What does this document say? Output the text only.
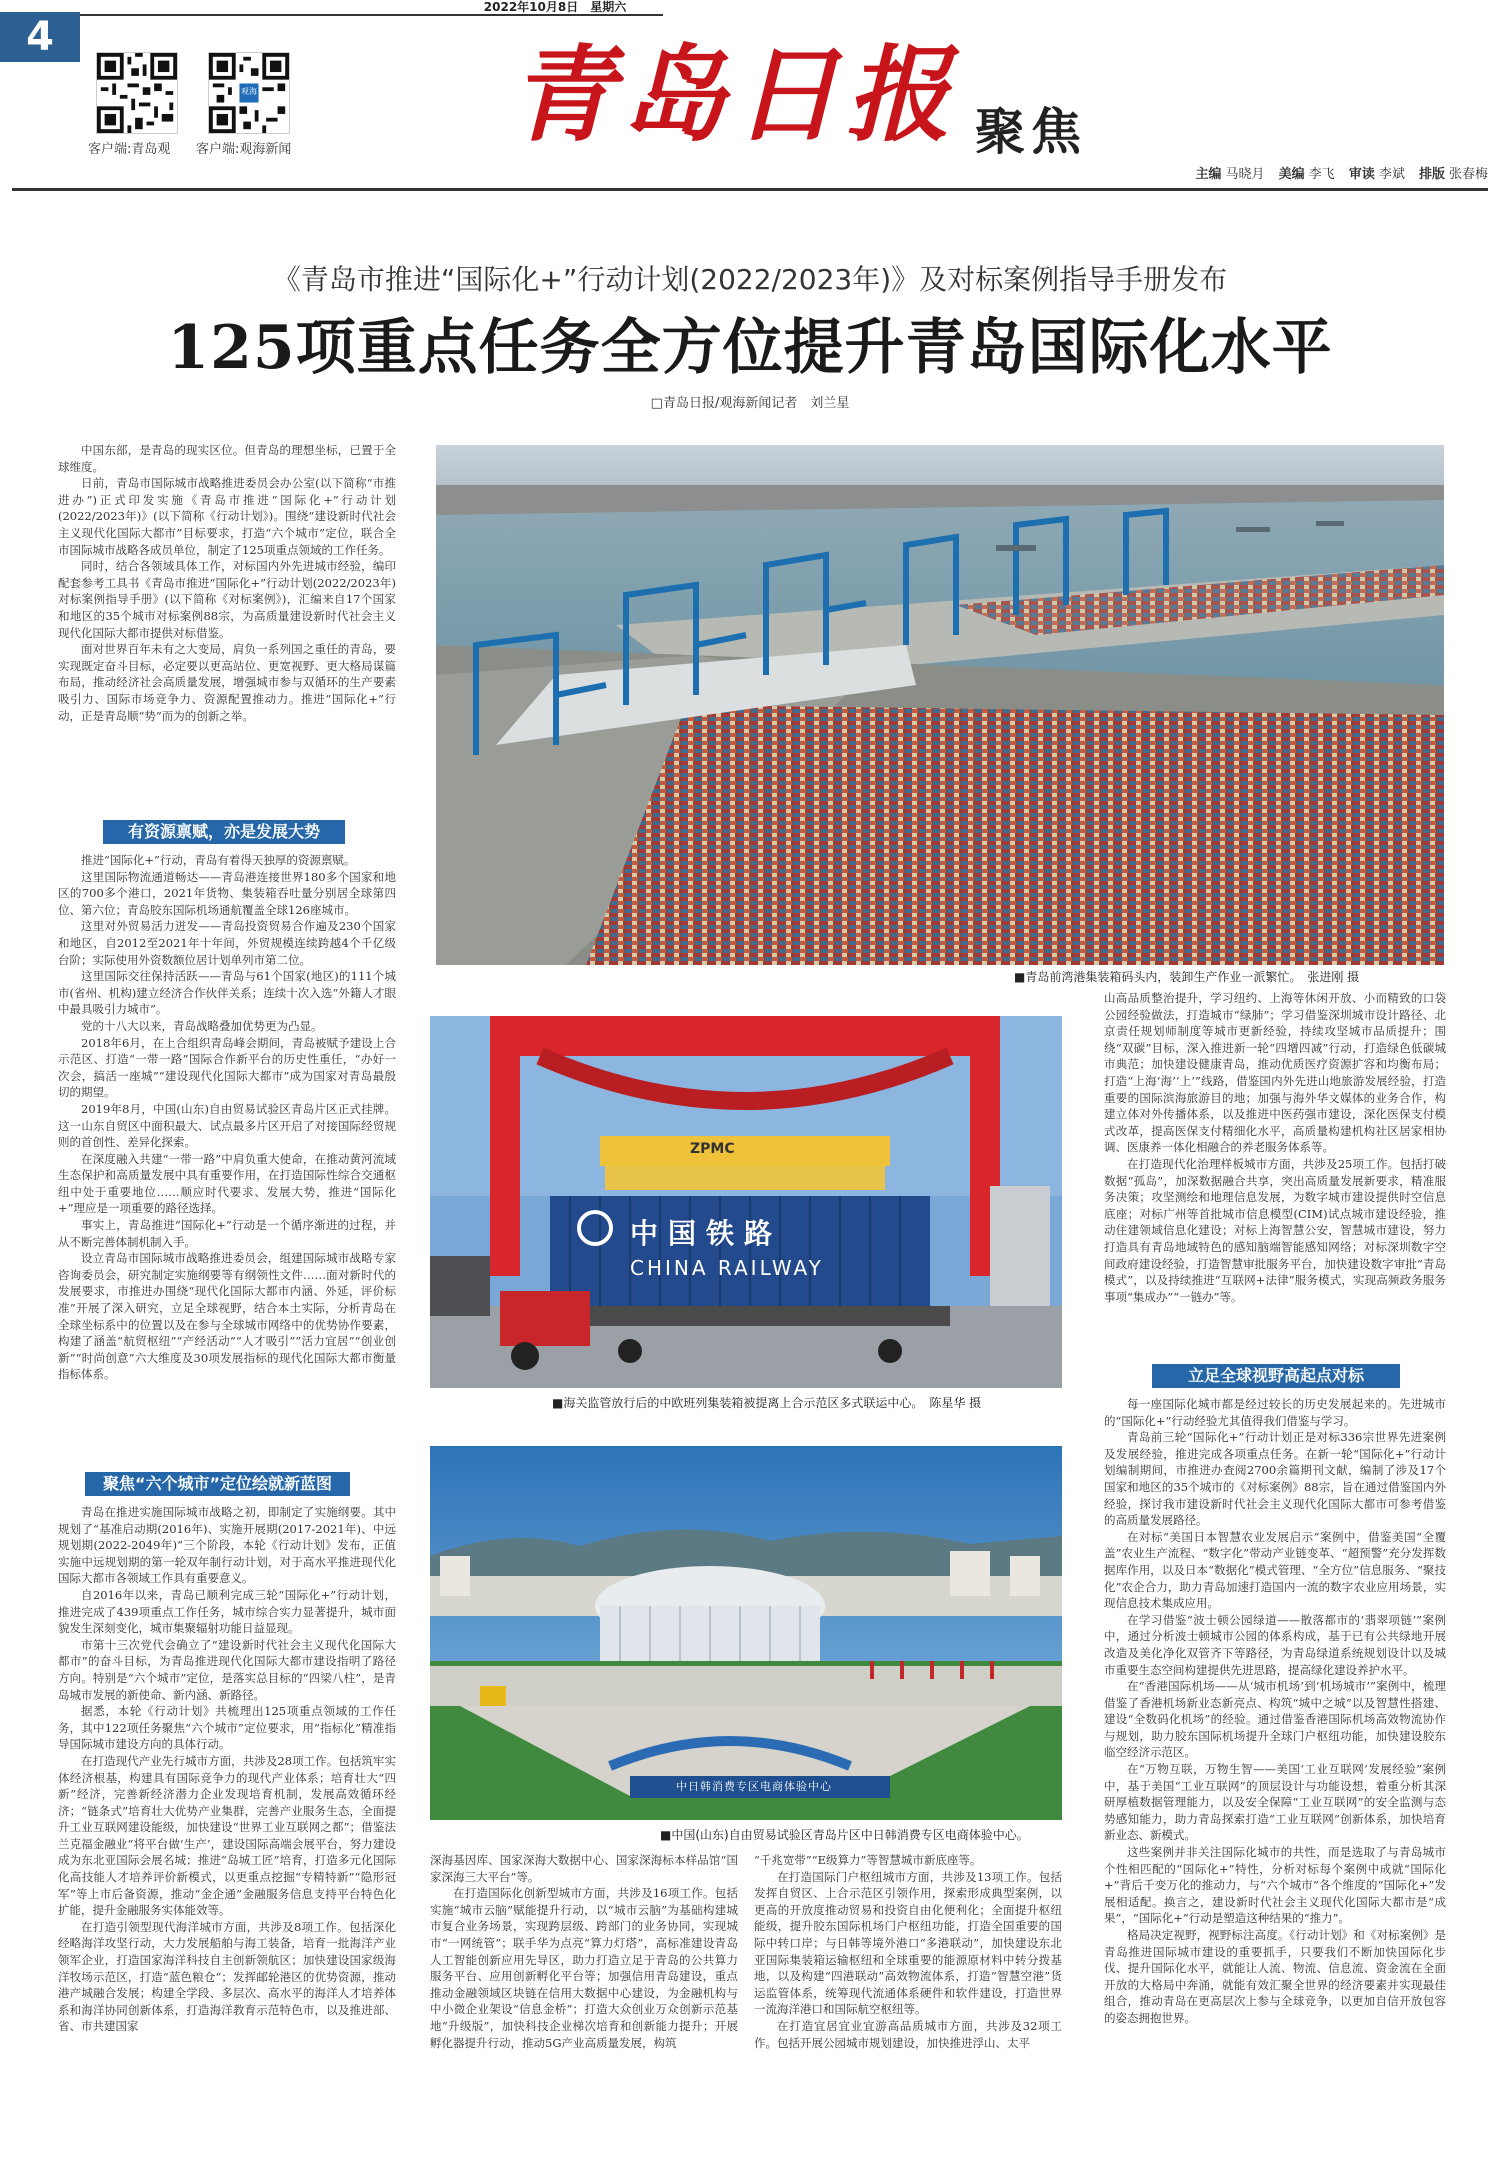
4
2022年10月8日　星期六
客户端:青岛观
观海
客户端:观海新闻 青岛日报 聚焦
主编 马晓月 美编 李飞 审读 李斌 排版 张春梅
《青岛市推进“国际化+”行动计划(2022/2023年)》及对标案例指导手册发布
125项重点任务全方位提升青岛国际化水平
□青岛日报/观海新闻记者　刘兰星

中国东部，是青岛的现实区位。但青岛的理想坐标，已置于全球维度。

日前，青岛市国际城市战略推进委员会办公室(以下简称“市推进办”)正式印发实施《青岛市推进“国际化+”行动计划(2022/2023年)》(以下简称《行动计划》)。围绕“建设新时代社会主义现代化国际大都市”目标要求，打造“六个城市”定位，联合全市国际城市战略各成员单位，制定了125项重点领域的工作任务。

同时，结合各领域具体工作，对标国内外先进城市经验，编印配套参考工具书《青岛市推进“国际化+”行动计划(2022/2023年)对标案例指导手册》(以下简称《对标案例》)，汇编来自17个国家和地区的35个城市对标案例88宗，为高质量建设新时代社会主义现代化国际大都市提供对标借鉴。

面对世界百年未有之大变局，肩负一系列国之重任的青岛，要实现既定奋斗目标，必定要以更高站位、更宽视野、更大格局谋篇布局，推动经济社会高质量发展，增强城市参与双循环的生产要素吸引力、国际市场竞争力、资源配置推动力。推进“国际化+”行动，正是青岛顺“势”而为的创新之举。

有资源禀赋，亦是发展大势

推进“国际化+”行动，青岛有着得天独厚的资源禀赋。

这里国际物流通道畅达——青岛港连接世界180多个国家和地区的700多个港口，2021年货物、集装箱吞吐量分别居全球第四位、第六位；青岛胶东国际机场通航覆盖全球126座城市。

这里对外贸易活力迸发——青岛投资贸易合作遍及230个国家和地区，自2012至2021年十年间，外贸规模连续跨越4个千亿级台阶；实际使用外资数额位居计划单列市第二位。

这里国际交往保持活跃——青岛与61个国家(地区)的111个城市(省州、机构)建立经济合作伙伴关系；连续十次入选“外籍人才眼中最具吸引力城市”。

党的十八大以来，青岛战略叠加优势更为凸显。

2018年6月，在上合组织青岛峰会期间，青岛被赋予建设上合示范区、打造“一带一路”国际合作新平台的历史性重任，“办好一次会，搞活一座城”“建设现代化国际大都市”成为国家对青岛最殷切的期望。

2019年8月，中国(山东)自由贸易试验区青岛片区正式挂牌。这一山东自贸区中面积最大、试点最多片区开启了对接国际经贸规则的首创性、差异化探索。

在深度融入共建“一带一路”中肩负重大使命，在推动黄河流域生态保护和高质量发展中具有重要作用，在打造国际性综合交通枢纽中处于重要地位……顺应时代要求、发展大势，推进“国际化+”理应是一项重要的路径选择。

事实上，青岛推进“国际化+”行动是一个循序渐进的过程，并从不断完善体制机制入手。

设立青岛市国际城市战略推进委员会，组建国际城市战略专家咨询委员会，研究制定实施纲要等有纲领性文件……面对新时代的发展要求，市推进办围绕“现代化国际大都市内涵、外延，评价标准”开展了深入研究，立足全球视野，结合本土实际，分析青岛在全球坐标系中的位置以及在参与全球城市网络中的优势协作要素，构建了涵盖“航贸枢纽”“产经活动”“人才吸引”“活力宜居”“创业创新”“时尚创意”六大维度及30项发展指标的现代化国际大都市衡量指标体系。

聚焦“六个城市”定位绘就新蓝图

青岛在推进实施国际城市战略之初，即制定了实施纲要。其中规划了“基准启动期(2016年)、实施开展期(2017-2021年)、中远规划期(2022-2049年)”三个阶段，本轮《行动计划》发布，正值实施中远规划期的第一轮双年制行动计划，对于高水平推进现代化国际大都市各领域工作具有重要意义。

自2016年以来，青岛已顺利完成三轮“国际化+”行动计划，推进完成了439项重点工作任务，城市综合实力显著提升，城市面貌发生深刻变化，城市集聚辐射功能日益显现。

市第十三次党代会确立了“建设新时代社会主义现代化国际大都市”的奋斗目标，为青岛推进现代化国际大都市建设指明了路径方向。特别是“六个城市”定位，是落实总目标的“四梁八柱”，是青岛城市发展的新使命、新内涵、新路径。

据悉，本轮《行动计划》共梳理出125项重点领域的工作任务，其中122项任务聚焦“六个城市”定位要求，用“指标化”精准指导国际城市建设方向的具体行动。

在打造现代产业先行城市方面，共涉及28项工作。包括筑牢实体经济根基，构建具有国际竞争力的现代产业体系；培育壮大“四新”经济，完善新经济潜力企业发现培育机制，发展高效循环经济；“链条式”培育壮大优势产业集群，完善产业服务生态，全面提升工业互联网建设能级，加快建设“世界工业互联网之都”；借鉴法兰克福金融业“将平台做‘生产’，建设国际高端会展平台，努力建设成为东北亚国际会展名城；推进“岛城工匠”培育，打造多元化国际化高技能人才培养评价新模式，以更重点挖掘“专精特新”“隐形冠军”等上市后备资源，推动“金企通”金融服务信息支持平台特色化扩能，提升金融服务实体能效等。

在打造引领型现代海洋城市方面，共涉及8项工作。包括深化经略海洋攻坚行动，大力发展船舶与海工装备，培育一批海洋产业领军企业，打造国家海洋科技自主创新领航区；加快建设国家级海洋牧场示范区，打造“蓝色粮仓”；发挥邮轮港区的优势资源，推动港产城融合发展；构建全学段、多层次、高水平的海洋人才培养体系和海洋协同创新体系，打造海洋教育示范特色市，以及推进部、省、市共建国家

■青岛前湾港集装箱码头内，装卸生产作业一派繁忙。　张进刚 摄
ZPMC
中国铁路
CHINA RAILWAY
■海关监管放行后的中欧班列集装箱被提离上合示范区多式联运中心。　陈星华 摄
中日韩消费专区电商体验中心
■中国(山东)自由贸易试验区青岛片区中日韩消费专区电商体验中心。

深海基因库、国家深海大数据中心、国家深海标本样品馆“国家深海三大平台”等。

在打造国际化创新型城市方面，共涉及16项工作。包括实施“城市云脑”赋能提升行动，以“城市云脑”为基础构建城市复合业务场景，实现跨层级、跨部门的业务协同，实现城市“一网统管”；联手华为点亮“算力灯塔”，高标准建设青岛人工智能创新应用先导区，助力打造立足于青岛的公共算力服务平台、应用创新孵化平台等；加强信用青岛建设，重点推动金融领域区块链在信用大数据中心建设，为金融机构与中小微企业架设“信息金桥”；打造大众创业万众创新示范基地“升级版”，加快科技企业梯次培育和创新能力提升；开展孵化器提升行动，推动5G产业高质量发展，构筑

“千兆宽带”“E级算力”等智慧城市新底座等。

在打造国际门户枢纽城市方面，共涉及13项工作。包括发挥自贸区、上合示范区引领作用，探索形成典型案例，以更高的开放度推动贸易和投资自由化便利化；全面提升枢纽能级，提升胶东国际机场门户枢纽功能，打造全国重要的国际中转口岸；与日韩等境外港口“多港联动”，加快建设东北亚国际集装箱运输枢纽和全球重要的能源原材料中转分拨基地，以及构建“四港联动”高效物流体系，打造“智慧空港”货运监管体系，统筹现代流通体系硬件和软件建设，打造世界一流海洋港口和国际航空枢纽等。

在打造宜居宜业宜游高品质城市方面，共涉及32项工作。包括开展公园城市规划建设，加快推进浮山、太平

山高品质整治提升，学习纽约、上海等休闲开放、小而精致的口袋公园经验做法，打造城市“绿肺”；学习借鉴深圳城市设计路径、北京责任规划师制度等城市更新经验，持续攻坚城市品质提升；围绕“双碳”目标，深入推进新一轮“四增四减”行动，打造绿色低碳城市典范；加快建设健康青岛，推动优质医疗资源扩容和均衡布局；打造“上海‘海’‘上’”线路，借鉴国内外先进山地旅游发展经验，打造重要的国际滨海旅游目的地；加强与海外华文媒体的业务合作，构建立体对外传播体系，以及推进中医药强市建设，深化医保支付模式改革，提高医保支付精细化水平，高质量构建机构社区居家相协调、医康养一体化相融合的养老服务体系等。

在打造现代化治理样板城市方面，共涉及25项工作。包括打破数据“孤岛”，加深数据融合共享，突出高质量发展新要求，精准服务决策；攻坚测绘和地理信息发展，为数字城市建设提供时空信息底座；对标广州等首批城市信息模型(CIM)试点城市建设经验，推动住建领域信息化建设；对标上海智慧公安，智慧城市建设，努力打造具有青岛地域特色的感知脑端智能感知网络；对标深圳数字空间政府建设经验，打造智慧审批服务平台，加快建设数字审批“青岛模式”，以及持续推进“互联网+法律”服务模式，实现高频政务服务事项“集成办”“一链办”等。

立足全球视野高起点对标

每一座国际化城市都是经过较长的历史发展起来的。先进城市的“国际化+”行动经验尤其值得我们借鉴与学习。

青岛前三轮“国际化+”行动计划正是对标336宗世界先进案例及发展经验，推进完成各项重点任务。在新一轮“国际化+”行动计划编制期间，市推进办查阅2700余篇期刊文献，编制了涉及17个国家和地区的35个城市的《对标案例》88宗，旨在通过借鉴国内外经验，探讨我市建设新时代社会主义现代化国际大都市可参考借鉴的高质量发展路径。

在对标“美国日本智慧农业发展启示”案例中，借鉴美国“全覆盖”农业生产流程、“数字化”带动产业链变革、“超预警”充分发挥数据库作用，以及日本“数据化”模式管理、“全方位”信息服务、“聚技化”农企合力，助力青岛加速打造国内一流的数字农业应用场景，实现信息技术集成应用。

在学习借鉴“波士顿公园绿道——散落都市的‘翡翠项链’”案例中，通过分析波士顿城市公园的体系构成，基于已有公共绿地开展改造及美化净化双管齐下等路径，为青岛绿道系统规划设计以及城市重要生态空间构建提供先进思路，提高绿化建设养护水平。

在“香港国际机场——从‘城市机场’到‘机场城市’”案例中，梳理借鉴了香港机场新业态新亮点、构筑“城中之城”以及智慧性搭建、建设“全数码化机场”的经验。通过借鉴香港国际机场高效物流协作与规划，助力胶东国际机场提升全球门户枢纽功能，加快建设胶东临空经济示范区。

在“万物互联，万物生智——美国‘工业互联网’发展经验”案例中，基于美国“工业互联网”的顶层设计与功能设想，着重分析其深研厚植数据管理能力，以及安全保障“工业互联网”的安全监测与态势感知能力，助力青岛探索打造“工业互联网”创新体系，加快培育新业态、新模式。

这些案例并非关注国际化城市的共性，而是选取了与青岛城市个性相匹配的“国际化+”特性，分析对标每个案例中成就“国际化+”背后千变万化的推动力，与“六个城市”各个维度的“国际化+”发展相适配。换言之，建设新时代社会主义现代化国际大都市是“成果”，“国际化+”行动是塑造这种结果的“推力”。

格局决定视野，视野标注高度。《行动计划》和《对标案例》是青岛推进国际城市建设的重要抓手，只要我们不断加快国际化步伐、提升国际化水平，就能让人流、物流、信息流、资金流在全面开放的大格局中奔涌，就能有效汇聚全世界的经济要素并实现最佳组合，推动青岛在更高层次上参与全球竞争，以更加自信开放包容的姿态拥抱世界。
